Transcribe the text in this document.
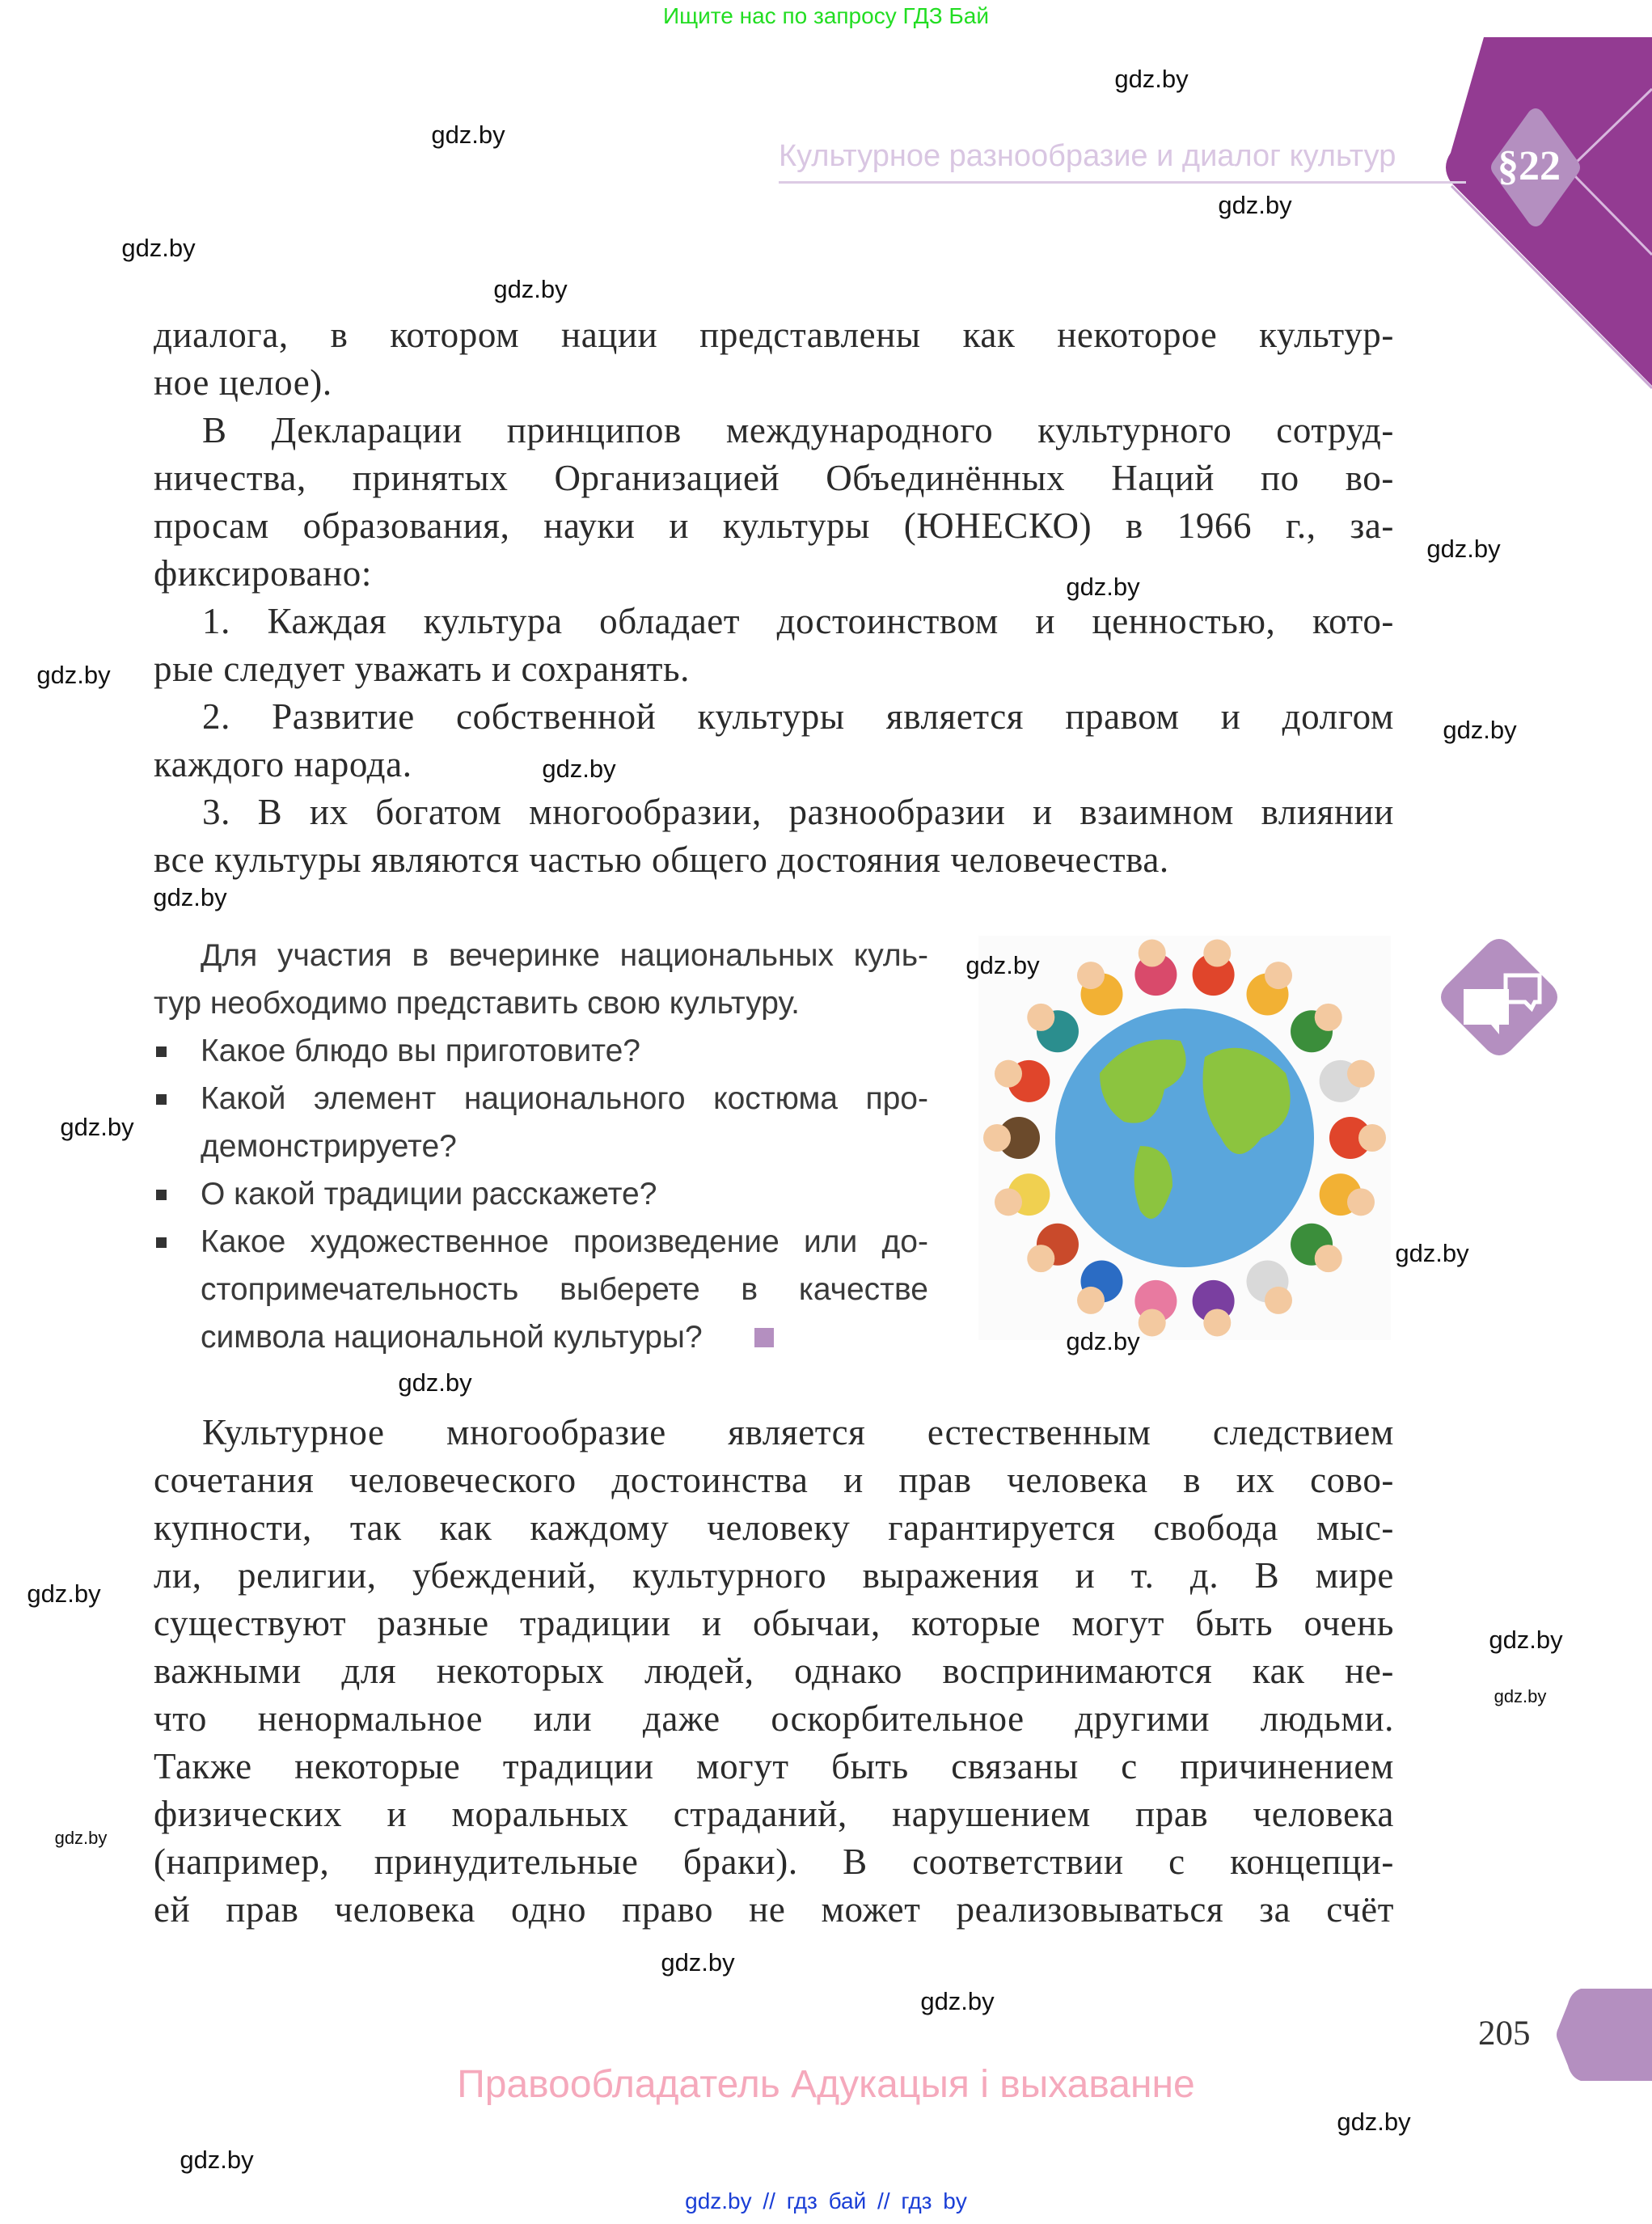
Ищите нас по запросу ГДЗ Бай
§22
Культурное разнообразие и диалог культур
диалога, в котором нации представлены как некоторое культур-
ное целое).
В Декларации принципов международного культурного сотруд-
ничества, принятых Организацией Объединённых Наций по во-
просам образования, науки и культуры (ЮНЕСКО) в 1966 г., за-
фиксировано:
1. Каждая культура обладает достоинством и ценностью, кото-
рые следует уважать и сохранять.
2. Развитие собственной культуры является правом и долгом
каждого народа.
3. В их богатом многообразии, разнообразии и взаимном влиянии
все культуры являются частью общего достояния человечества.
Для участия в вечеринке национальных куль-
тур необходимо представить свою культуру.
Какое блюдо вы приготовите?
Какой элемент национального костюма про-
демонстрируете?
О какой традиции расскажете?
Какое художественное произведение или до-
стопримечательность выберете в качестве
символа национальной культуры?
Культурное многообразие является естественным следствием
сочетания человеческого достоинства и прав человека в их сово-
купности, так как каждому человеку гарантируется свобода мыс-
ли, религии, убеждений, культурного выражения и т. д. В мире
существуют разные традиции и обычаи, которые могут быть очень
важными для некоторых людей, однако воспринимаются как не-
что ненормальное или даже оскорбительное другими людьми.
Также некоторые традиции могут быть связаны с причинением
физических и моральных страданий, нарушением прав человека
(например, принудительные браки). В соответствии с концепци-
ей прав человека одно право не может реализовываться за счёт
205
Правообладатель Адукацыя і выхаванне
gdz.by // гдз бай // гдз by
gdz.by
gdz.by
gdz.by
gdz.by
gdz.by
gdz.by
gdz.by
gdz.by
gdz.by
gdz.by
gdz.by
gdz.by
gdz.by
gdz.by
gdz.by
gdz.by
gdz.by
gdz.by
gdz.by
gdz.by
gdz.by
gdz.by
gdz.by
gdz.by
